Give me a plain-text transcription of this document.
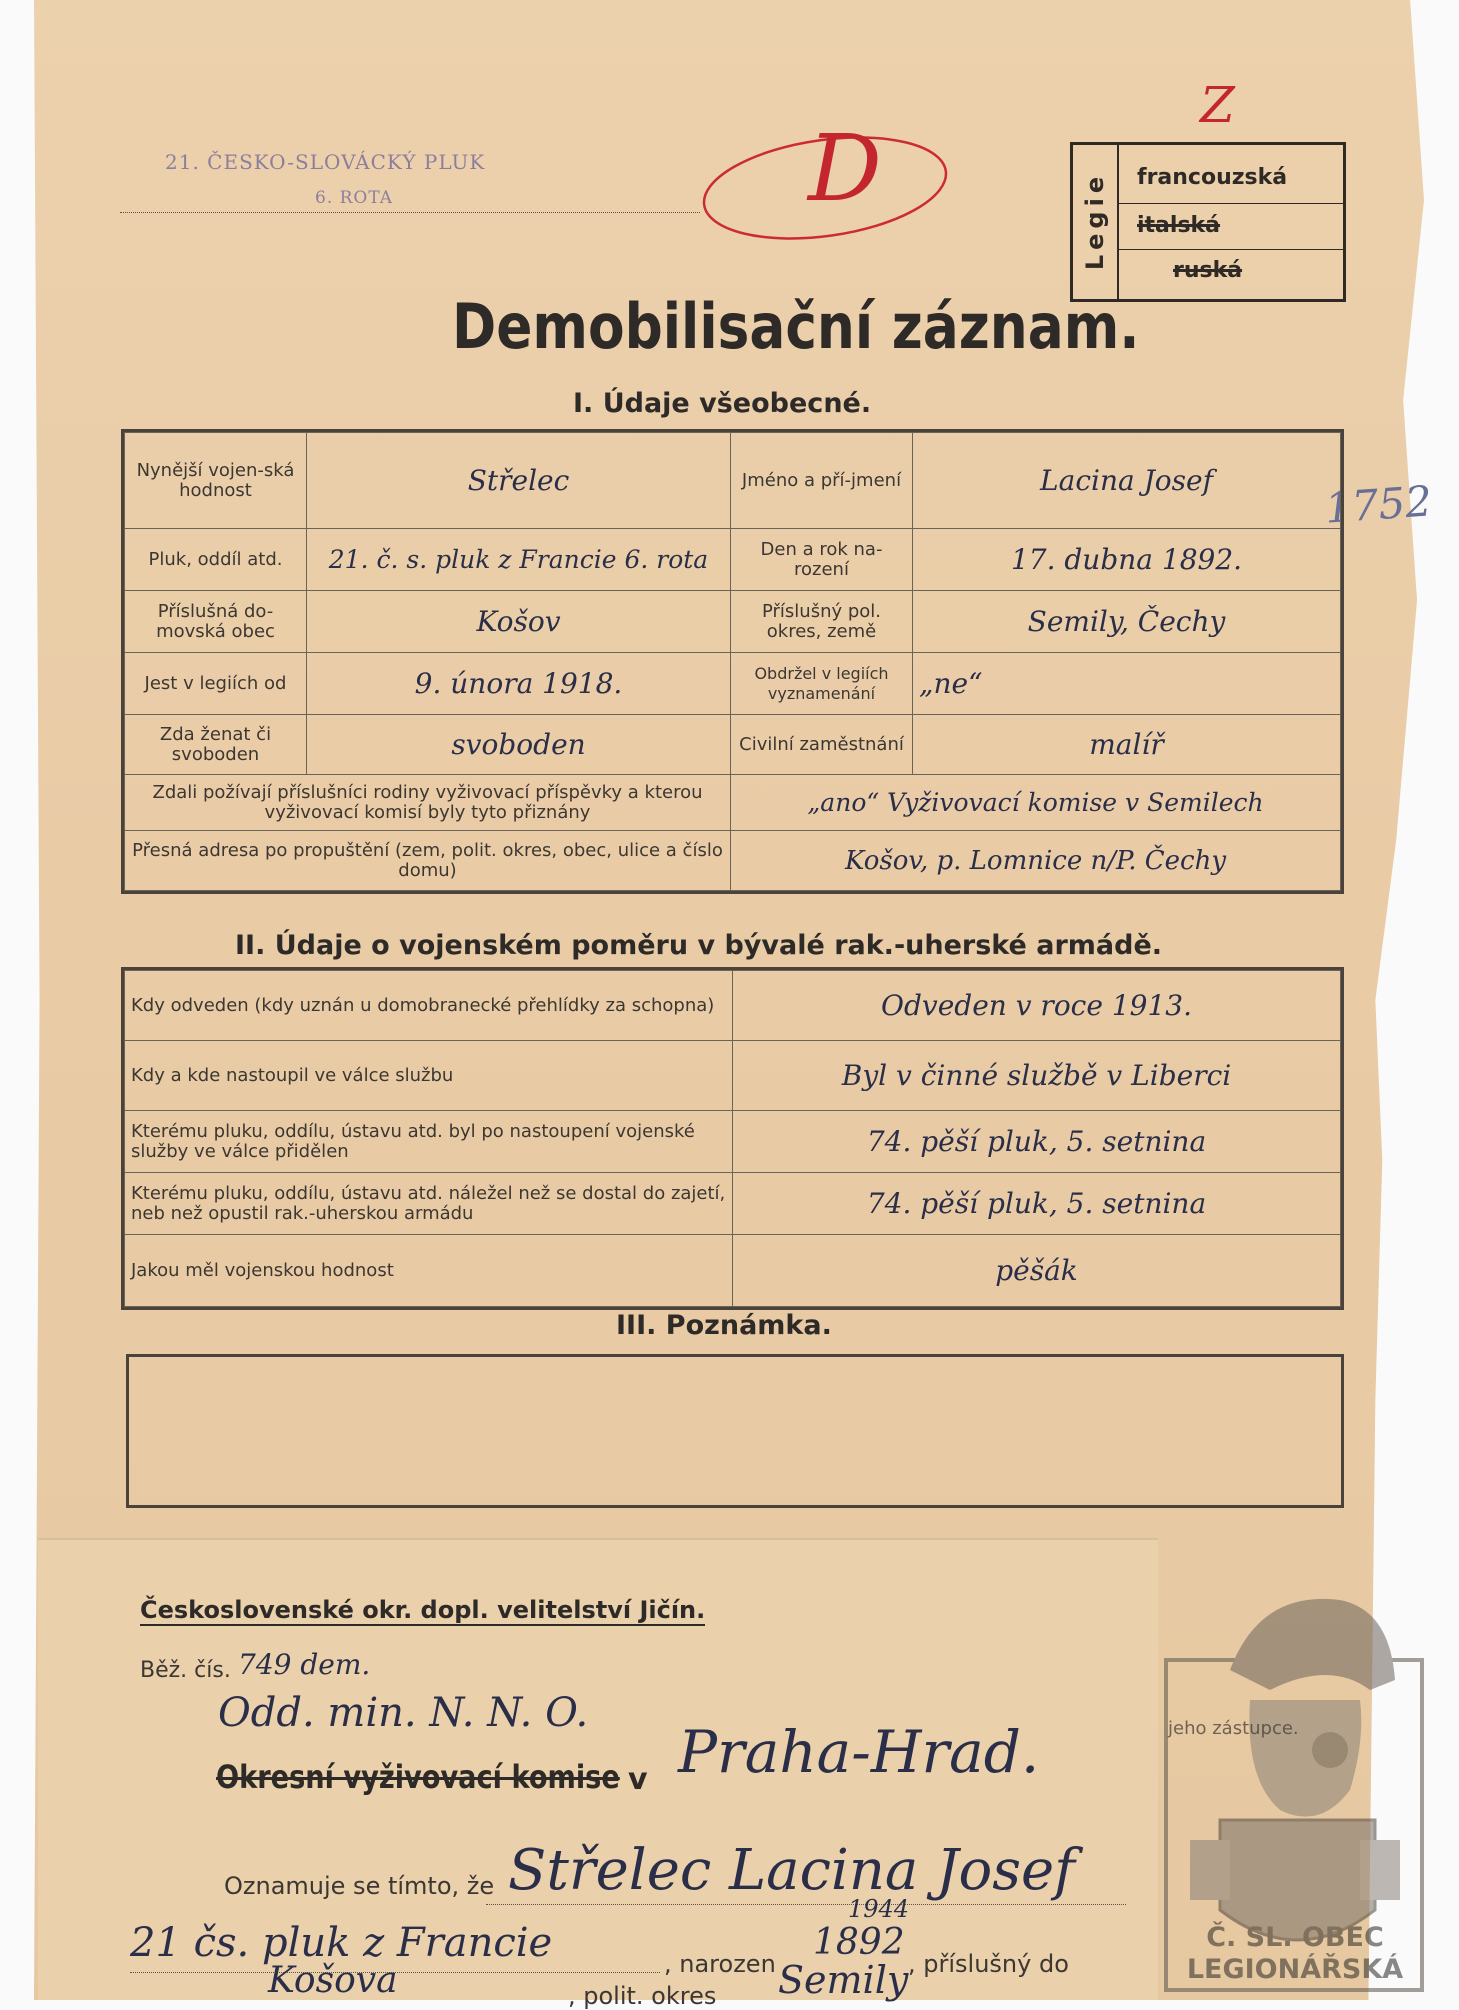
21. ČESKO-SLOVÁCKÝ PLUK
6. ROTA	D
Z
Legie francouzská
italská
ruská
Demobilisační záznam.
I. Údaje všeobecné.
1752
Nynější vojen-ská hodnost	Střelec	Jméno a pří-jmení	Lacina Josef
Pluk, oddíl atd.	21. č. s. pluk z Francie 6. rota	Den a rok na-rození	17. dubna 1892.
Příslušná do-movská obec	Košov	Příslušný pol. okres, země	Semily, Čechy
Jest v legiích od	9. února 1918.	Obdržel v legiích vyznamenání	„ne“
Zda ženat či svoboden	svoboden	Civilní zaměstnání	malíř
Zdali požívají příslušníci rodiny vyživovací příspěvky a kterou vyživovací komisí byly tyto přiznány		„ano“ Vyživovací komise v Semilech	
Přesná adresa po propuštění (zem, polit. okres, obec, ulice a číslo domu)		Košov, p. Lomnice n/P. Čechy	
II. Údaje o vojenském poměru v bývalé rak.-uherské armádě.
Kdy odveden (kdy uznán u domobranecké přehlídky za schopna)	Odveden v roce 1913.
Kdy a kde nastoupil ve válce službu	Byl v činné službě v Liberci
Kterému pluku, oddílu, ústavu atd. byl po nastoupení vojenské služby ve válce přidělen	74. pěší pluk, 5. setnina
Kterému pluku, oddílu, ústavu atd. náležel než se dostal do zajetí, neb než opustil rak.-uherskou armádu	74. pěší pluk, 5. setnina
Jakou měl vojenskou hodnost	pěšák
III. Poznámka.
Československé okr. dopl. velitelství Jičín.
Běž. čís. 749 dem.
Odd. min. N. N. O.
Okresní vyživovací komise v Praha-Hrad.
Oznamuje se tímto, že Střelec Lacina Josef
21 čs. pluk z Francie	, narozen
1892
1944
, příslušný do
Košova	, polit. okres Semily
Č. SL. OBEC
LEGIONÁŘSKÁ
jeho zástupce.
